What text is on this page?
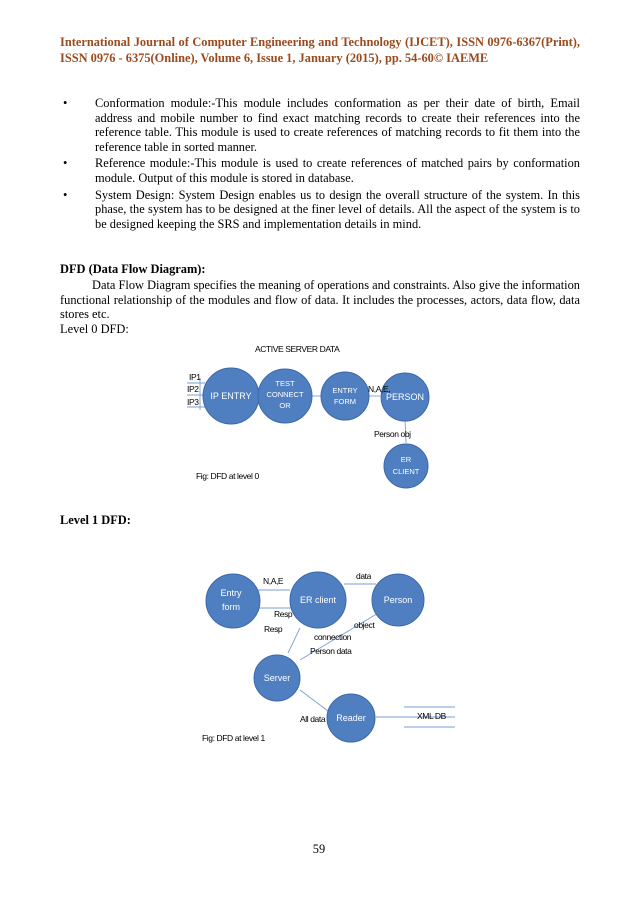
International Journal of Computer Engineering and Technology (IJCET), ISSN 0976-6367(Print), ISSN 0976 - 6375(Online), Volume 6, Issue 1, January (2015), pp. 54-60© IAEME
• Conformation module:-This module includes conformation as per their date of birth, Email address and mobile number to find exact matching records to create their references into the reference table. This module is used to create references of matching records to fit them into the reference table in sorted manner.
• Reference module:-This module is used to create references of matched pairs by conformation module. Output of this module is stored in database.
• System Design: System Design enables us to design the overall structure of the system. In this phase, the system has to be designed at the finer level of details. All the aspect of the system is to be designed keeping the SRS and implementation details in mind.
DFD (Data Flow Diagram):
Data Flow Diagram specifies the meaning of operations and constraints. Also give the information functional relationship of the modules and flow of data. It includes the processes, actors, data flow, data stores etc.
Level 0 DFD:
Level 1 DFD:
ACTIVE SERVER DATA
IP1
IP2
IP3
IP ENTRY
TEST
CONNECT
OR
ENTRY
FORM	PERSON
N,A,E,
Person obj
ER
CLIENT
Fig: DFD at level 0
XML DB
Entry
form
ER client	Person
Server
Reader
N,A,E	data
Resp
Resp	object
connection
Person data
All data
Fig: DFD at level 1
59
